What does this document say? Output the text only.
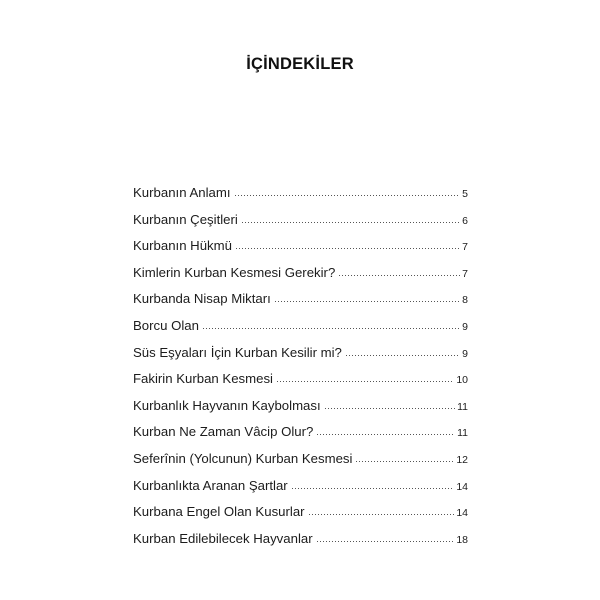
İÇİNDEKİLER
Kurbanın Anlamı	5
Kurbanın Çeşitleri	6
Kurbanın Hükmü	7
Kimlerin Kurban Kesmesi Gerekir?	7
Kurbanda Nisap Miktarı	8
Borcu Olan	9
Süs Eşyaları İçin Kurban Kesilir mi?	9
Fakirin Kurban Kesmesi	10
Kurbanlık Hayvanın Kaybolması	11
Kurban Ne Zaman Vâcip Olur?	11
Seferînin (Yolcunun) Kurban Kesmesi	12
Kurbanlıkta Aranan Şartlar	14
Kurbana Engel Olan Kusurlar	14
Kurban Edilebilecek Hayvanlar	18
